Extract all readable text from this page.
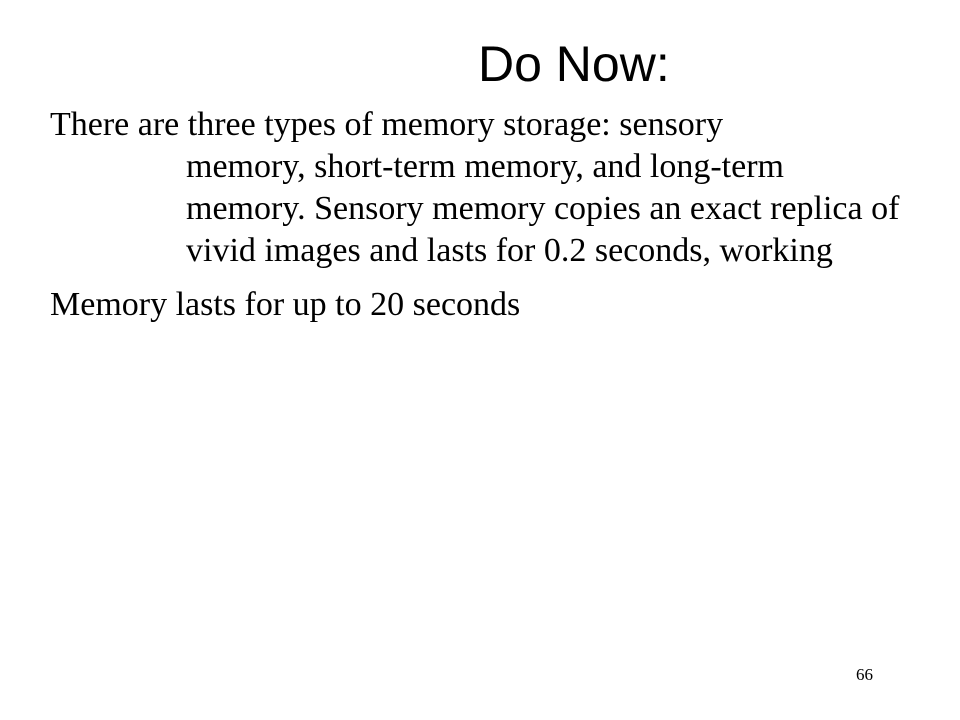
Do Now:

There are three types of memory storage: sensory
memory, short-term memory, and long-term
memory. Sensory memory copies an exact replica of
vivid images and lasts for 0.2 seconds, working

Memory lasts for up to 20 seconds

66
